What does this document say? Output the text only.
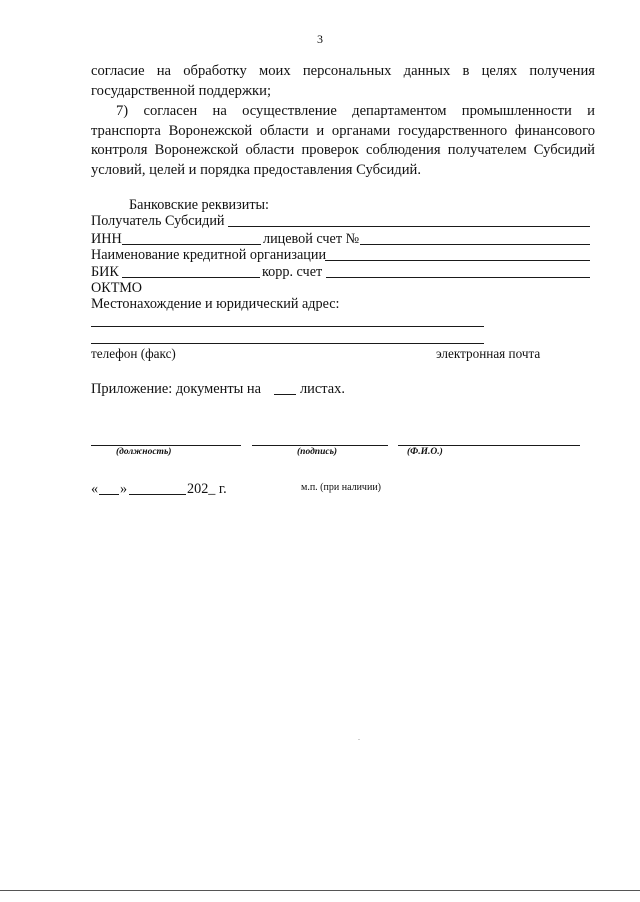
3
согласие на обработку моих персональных данных в целях получения государственной поддержки;
7) согласен на осуществление департаментом промышленности и транспорта Воронежской области и органами государственного финансового контроля Воронежской области проверок соблюдения получателем Субсидий условий, целей и порядка предоставления Субсидий.
Банковские реквизиты:
Получатель Субсидий
ИНН	лицевой счет №
Наименование кредитной организации
БИК	корр. счет
ОКТМО
Местонахождение и юридический адрес:
телефон (факс)	электронная почта
Приложение: документы на	листах.
(должность)	(подпись)	(Ф.И.О.)
« »	202_ г.	м.п. (при наличии)
